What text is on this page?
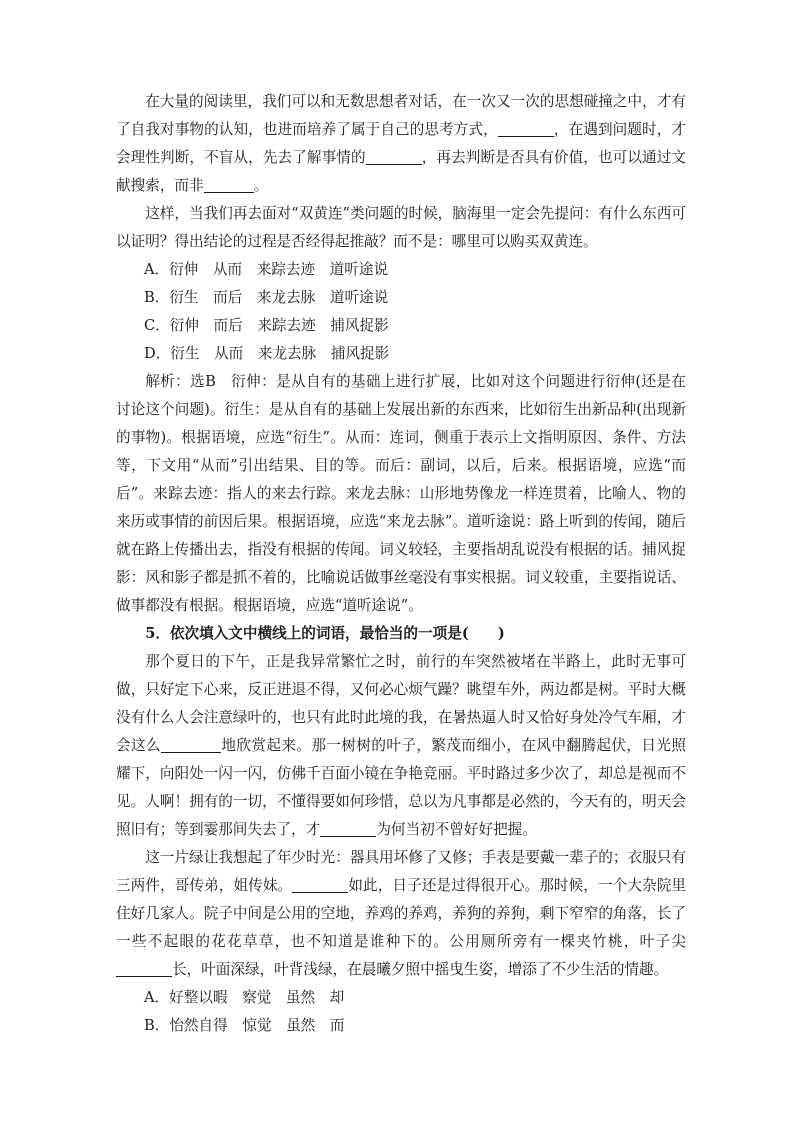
在大量的阅读里，我们可以和无数思想者对话，在一次又一次的思想碰撞之中，才有了自我对事物的认知，也进而培养了属于自己的思考方式，	，在遇到问题时，才会理性判断，不盲从，先去了解事情的	，再去判断是否具有价值，也可以通过文献搜索，而非	。

这样，当我们再去面对“双黄连”类问题的时候，脑海里一定会先提问：有什么东西可以证明？得出结论的过程是否经得起推敲？而不是：哪里可以购买双黄连。

A．衍伸　从而　来踪去迹　道听途说

B．衍生　而后　来龙去脉　道听途说

C．衍伸　而后　来踪去迹　捕风捉影

D．衍生　从而　来龙去脉　捕风捉影

解析：选B　衍伸：是从自有的基础上进行扩展，比如对这个问题进行衍伸(还是在讨论这个问题)。衍生：是从自有的基础上发展出新的东西来，比如衍生出新品种(出现新的事物)。根据语境，应选“衍生”。从而：连词，侧重于表示上文指明原因、条件、方法等，下文用“从而”引出结果、目的等。而后：副词，以后，后来。根据语境，应选“而后”。来踪去迹：指人的来去行踪。来龙去脉：山形地势像龙一样连贯着，比喻人、物的来历或事情的前因后果。根据语境，应选“来龙去脉”。道听途说：路上听到的传闻，随后就在路上传播出去，指没有根据的传闻。词义较轻，主要指胡乱说没有根据的话。捕风捉影：风和影子都是抓不着的，比喻说话做事丝毫没有事实根据。词义较重，主要指说话、做事都没有根据。根据语境，应选“道听途说”。

5．依次填入文中横线上的词语，最恰当的一项是(　　)

那个夏日的下午，正是我异常繁忙之时，前行的车突然被堵在半路上，此时无事可做，只好定下心来，反正进退不得，又何必心烦气躁？眺望车外，两边都是树。平时大概没有什么人会注意绿叶的，也只有此时此境的我，在暑热逼人时又恰好身处冷气车厢，才会这么	地欣赏起来。那一树树的叶子，繁茂而细小，在风中翻腾起伏，日光照耀下，向阳处一闪一闪，仿佛千百面小镜在争艳竞丽。平时路过多少次了，却总是视而不见。人啊！拥有的一切，不懂得要如何珍惜，总以为凡事都是必然的，今天有的，明天会照旧有；等到霎那间失去了，才	为何当初不曾好好把握。

这一片绿让我想起了年少时光：器具用坏修了又修；手表是要戴一辈子的；衣服只有三两件，哥传弟，姐传妹。	如此，日子还是过得很开心。那时候，一个大杂院里住好几家人。院子中间是公用的空地，养鸡的养鸡，养狗的养狗，剩下窄窄的角落，长了一些不起眼的花花草草，也不知道是谁种下的。公用厕所旁有一棵夹竹桃，叶子尖长，叶面深绿，叶背浅绿，在晨曦夕照中摇曳生姿，增添了不少生活的情趣。

A．好整以暇　察觉　虽然　却

B．怡然自得　惊觉　虽然　而
